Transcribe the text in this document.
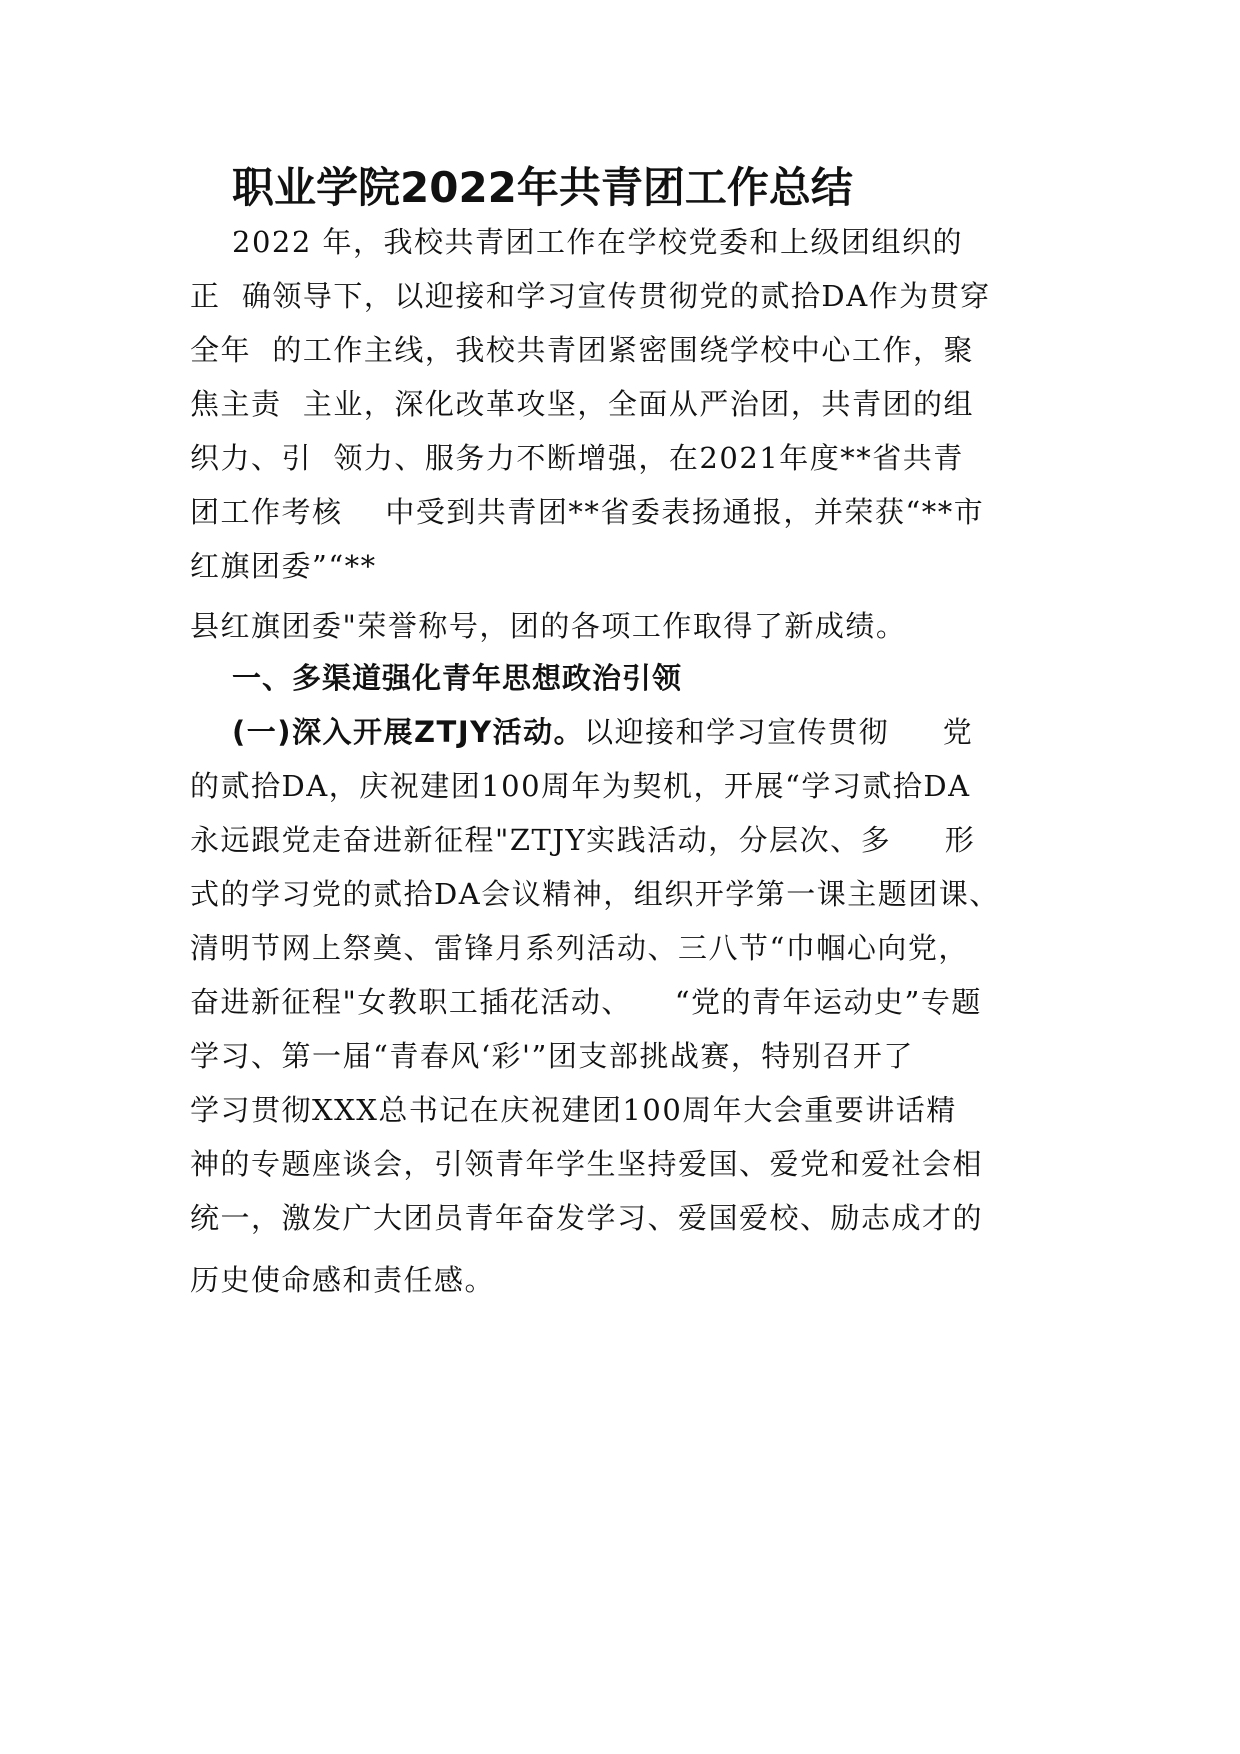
职业学院2022年共青团工作总结

2022 年，我校共青团工作在学校党委和上级团组织的

正  确领导下，以迎接和学习宣传贯彻党的贰拾DA作为贯穿

全年  的工作主线，我校共青团紧密围绕学校中心工作，聚

焦主责  主业，深化改革攻坚，全面从严治团，共青团的组

织力、引  领力、服务力不断增强，在2021年度**省共青

团工作考核    中受到共青团**省委表扬通报，并荣获“**市

红旗团委”“**

县红旗团委"荣誉称号，团的各项工作取得了新成绩。

一、多渠道强化青年思想政治引领

(一)深入开展ZTJY活动。以迎接和学习宣传贯彻     党

的贰拾DA，庆祝建团100周年为契机，开展“学习贰拾DA

永远跟党走奋进新征程"ZTJY实践活动，分层次、多     形

式的学习党的贰拾DA会议精神，组织开学第一课主题团课、

清明节网上祭奠、雷锋月系列活动、三八节“巾帼心向党，

奋进新征程"女教职工插花活动、    “党的青年运动史”专题

学习、第一届“青春风‘彩'”团支部挑战赛，特别召开了

学习贯彻XXX总书记在庆祝建团100周年大会重要讲话精

神的专题座谈会，引领青年学生坚持爱国、爱党和爱社会相

统一，激发广大团员青年奋发学习、爱国爱校、励志成才的

历史使命感和责任感。
